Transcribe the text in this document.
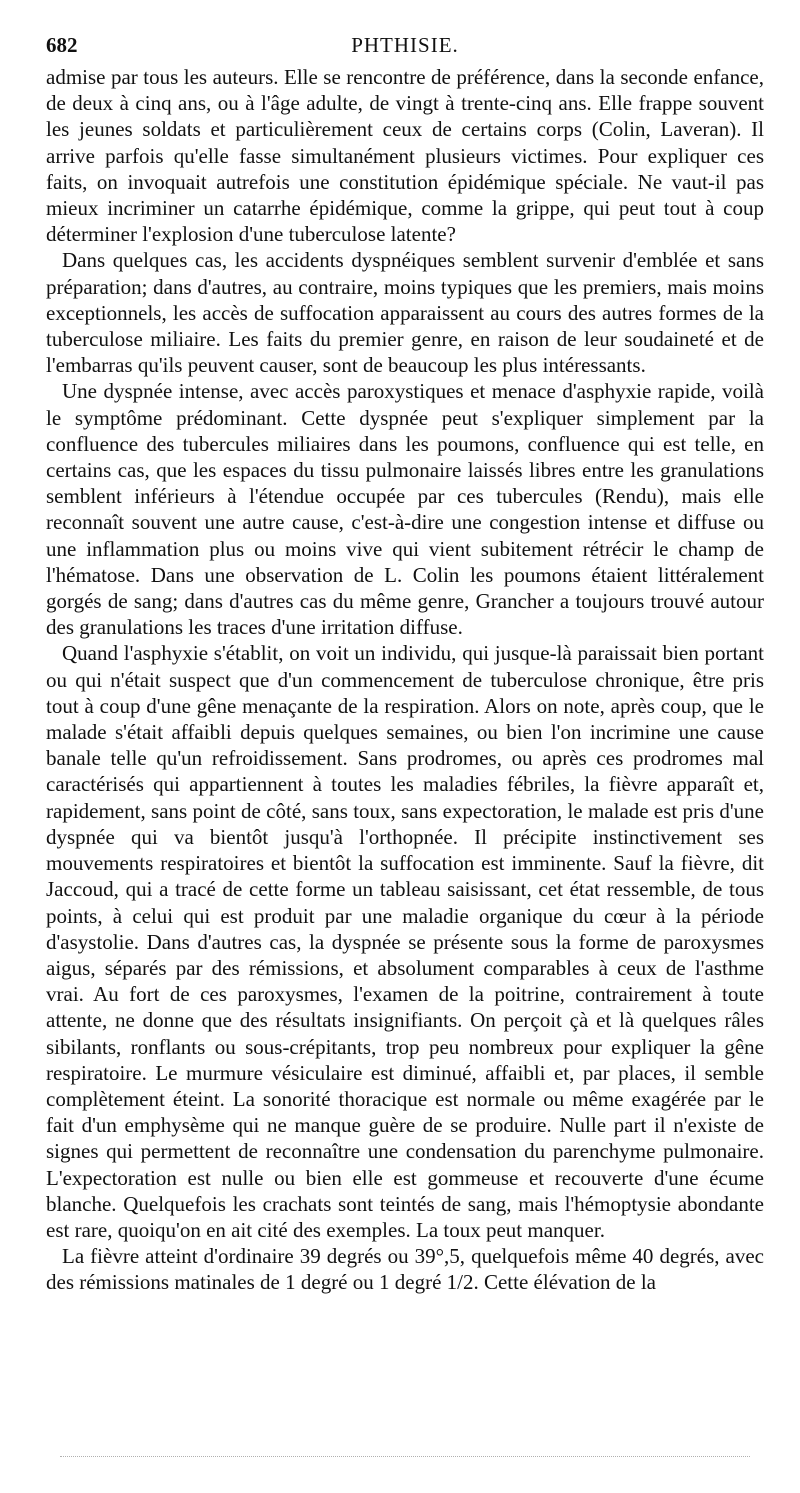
682	PHTHISIE.

admise par tous les auteurs. Elle se rencontre de préférence, dans la seconde enfance, de deux à cinq ans, ou à l'âge adulte, de vingt à trente-cinq ans. Elle frappe souvent les jeunes soldats et particulièrement ceux de certains corps (Colin, Laveran). Il arrive parfois qu'elle fasse simultanément plusieurs victimes. Pour expliquer ces faits, on invoquait autrefois une constitution épidémique spéciale. Ne vaut-il pas mieux incriminer un catarrhe épidémique, comme la grippe, qui peut tout à coup déterminer l'explosion d'une tuberculose latente?

Dans quelques cas, les accidents dyspnéiques semblent survenir d'emblée et sans préparation; dans d'autres, au contraire, moins typiques que les premiers, mais moins exceptionnels, les accès de suffocation apparaissent au cours des autres formes de la tuberculose miliaire. Les faits du premier genre, en raison de leur soudaineté et de l'embarras qu'ils peuvent causer, sont de beaucoup les plus intéressants.

Une dyspnée intense, avec accès paroxystiques et menace d'asphyxie rapide, voilà le symptôme prédominant. Cette dyspnée peut s'expliquer simplement par la confluence des tubercules miliaires dans les poumons, confluence qui est telle, en certains cas, que les espaces du tissu pulmonaire laissés libres entre les granulations semblent inférieurs à l'étendue occupée par ces tubercules (Rendu), mais elle reconnaît souvent une autre cause, c'est-à-dire une congestion intense et diffuse ou une inflammation plus ou moins vive qui vient subitement rétrécir le champ de l'hématose. Dans une observation de L. Colin les poumons étaient littéralement gorgés de sang; dans d'autres cas du même genre, Grancher a toujours trouvé autour des granulations les traces d'une irritation diffuse.

Quand l'asphyxie s'établit, on voit un individu, qui jusque-là paraissait bien portant ou qui n'était suspect que d'un commencement de tuberculose chronique, être pris tout à coup d'une gêne menaçante de la respiration. Alors on note, après coup, que le malade s'était affaibli depuis quelques semaines, ou bien l'on incrimine une cause banale telle qu'un refroidissement. Sans prodromes, ou après ces prodromes mal caractérisés qui appartiennent à toutes les maladies fébriles, la fièvre apparaît et, rapidement, sans point de côté, sans toux, sans expectoration, le malade est pris d'une dyspnée qui va bientôt jusqu'à l'orthopnée. Il précipite instinctivement ses mouvements respiratoires et bientôt la suffocation est imminente. Sauf la fièvre, dit Jaccoud, qui a tracé de cette forme un tableau saisissant, cet état ressemble, de tous points, à celui qui est produit par une maladie organique du cœur à la période d'asystolie. Dans d'autres cas, la dyspnée se présente sous la forme de paroxysmes aigus, séparés par des rémissions, et absolument comparables à ceux de l'asthme vrai. Au fort de ces paroxysmes, l'examen de la poitrine, contrairement à toute attente, ne donne que des résultats insignifiants. On perçoit çà et là quelques râles sibilants, ronflants ou sous-crépitants, trop peu nombreux pour expliquer la gêne respiratoire. Le murmure vésiculaire est diminué, affaibli et, par places, il semble complètement éteint. La sonorité thoracique est normale ou même exagérée par le fait d'un emphysème qui ne manque guère de se produire. Nulle part il n'existe de signes qui permettent de reconnaître une condensation du parenchyme pulmonaire. L'expectoration est nulle ou bien elle est gommeuse et recouverte d'une écume blanche. Quelquefois les crachats sont teintés de sang, mais l'hémoptysie abondante est rare, quoiqu'on en ait cité des exemples. La toux peut manquer.

La fièvre atteint d'ordinaire 39 degrés ou 39°,5, quelquefois même 40 degrés, avec des rémissions matinales de 1 degré ou 1 degré 1/2. Cette élévation de la
